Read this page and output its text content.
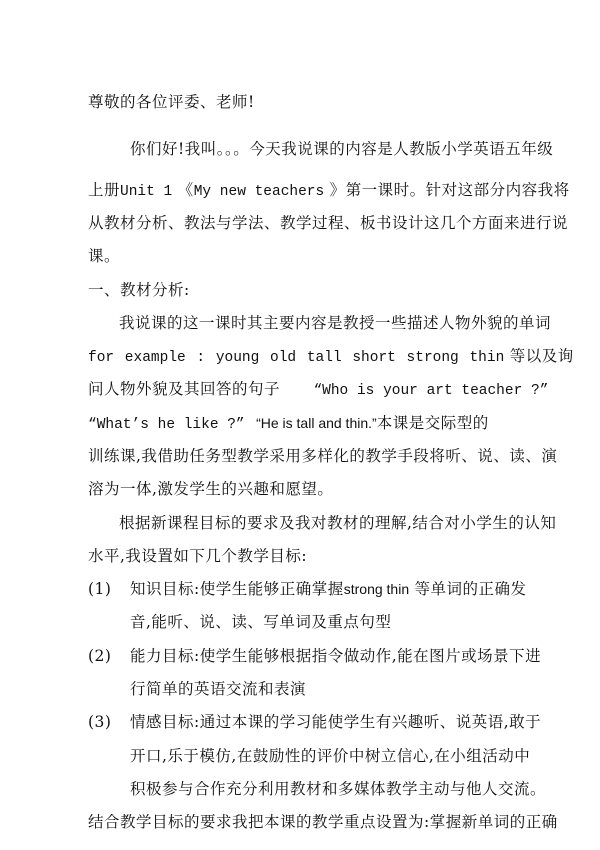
尊敬的各位评委、老师!
你们好!我叫。。。今天我说课的内容是人教版小学英语五年级
上册Unit 1 《My new teachers 》第一课时。针对这部分内容我将
从教材分析、教法与学法、教学过程、板书设计这几个方面来进行说
课。
一、教材分析:
我说课的这一课时其主要内容是教授一些描述人物外貌的单词
for example : young old tall short strong thin 等以及询
问人物外貌及其回答的句子 “Who is your art teacher ?”
“What’s he like ?” “He is tall and thin.”本课是交际型的
训练课,我借助任务型教学采用多样化的教学手段将听、说、读、演
溶为一体,激发学生的兴趣和愿望。
根据新课程目标的要求及我对教材的理解,结合对小学生的认知
水平,我设置如下几个教学目标:
(1) 知识目标:使学生能够正确掌握strong thin 等单词的正确发
音,能听、说、读、写单词及重点句型
(2) 能力目标:使学生能够根据指令做动作,能在图片或场景下进
行简单的英语交流和表演
(3) 情感目标:通过本课的学习能使学生有兴趣听、说英语,敢于
开口,乐于模仿,在鼓励性的评价中树立信心,在小组活动中
积极参与合作充分利用教材和多媒体教学主动与他人交流。
结合教学目标的要求我把本课的教学重点设置为:掌握新单词的正确
